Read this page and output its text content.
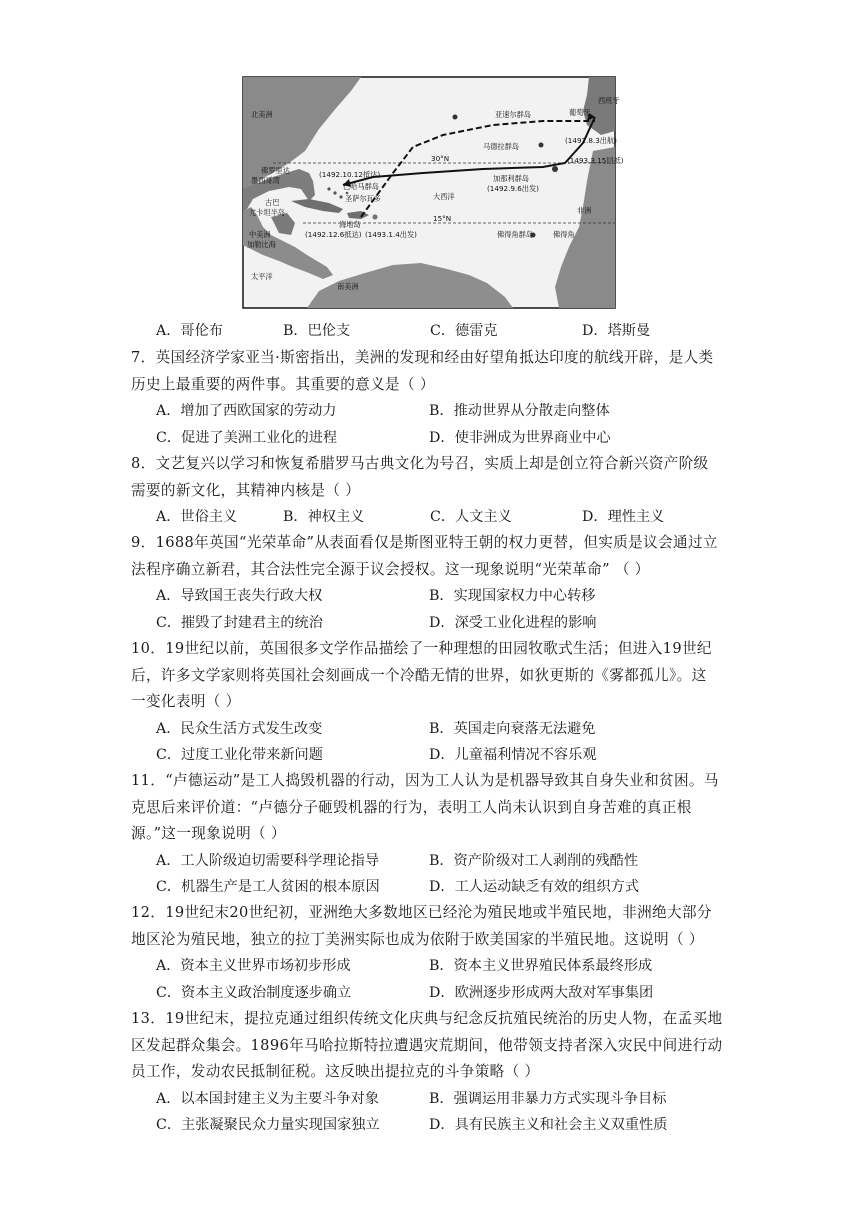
北美洲	亚速尔群岛
西班牙
葡萄牙
马德拉群岛
30°N
佛罗里达
墨西哥湾
(1492.10.12抵达)
巴哈马群岛
圣萨尔瓦多
加那利群岛
(1492.9.6出发)
大西洋
(1492.8.3出航)
(1493.3.15回抵)
古巴
尤卡坦半岛
海地岛
15°N
非洲
中美洲
加勒比海
(1492.12.6抵达) (1493.1.4出发)	佛得角群岛	佛得角
太平洋
南美洲
A．哥伦布	B．巴伦支	C．德雷克	D．塔斯曼

7．英国经济学家亚当·斯密指出，美洲的发现和经由好望角抵达印度的航线开辟，是人类

历史上最重要的两件事。其重要的意义是（ ）

A．增加了西欧国家的劳动力	B．推动世界从分散走向整体
C．促进了美洲工业化的进程	D．使非洲成为世界商业中心

8．文艺复兴以学习和恢复希腊罗马古典文化为号召，实质上却是创立符合新兴资产阶级

需要的新文化，其精神内核是（ ）

A．世俗主义	B．神权主义	C．人文主义	D．理性主义

9．1688年英国“光荣革命”从表面看仅是斯图亚特王朝的权力更替，但实质是议会通过立

法程序确立新君，其合法性完全源于议会授权。这一现象说明“光荣革命” （ ）

A．导致国王丧失行政大权	B．实现国家权力中心转移
C．摧毁了封建君主的统治	D．深受工业化进程的影响

10．19世纪以前，英国很多文学作品描绘了一种理想的田园牧歌式生活；但进入19世纪

后，许多文学家则将英国社会刻画成一个冷酷无情的世界，如狄更斯的《雾都孤儿》。这

一变化表明（ ）

A．民众生活方式发生改变	B．英国走向衰落无法避免
C．过度工业化带来新问题	D．儿童福利情况不容乐观

11．“卢德运动”是工人捣毁机器的行动，因为工人认为是机器导致其自身失业和贫困。马

克思后来评价道：“卢德分子砸毁机器的行为，表明工人尚未认识到自身苦难的真正根

源。”这一现象说明（ ）

A．工人阶级迫切需要科学理论指导	B．资产阶级对工人剥削的残酷性
C．机器生产是工人贫困的根本原因	D．工人运动缺乏有效的组织方式

12．19世纪末20世纪初，亚洲绝大多数地区已经沦为殖民地或半殖民地，非洲绝大部分

地区沦为殖民地，独立的拉丁美洲实际也成为依附于欧美国家的半殖民地。这说明（ ）

A．资本主义世界市场初步形成	B．资本主义世界殖民体系最终形成
C．资本主义政治制度逐步确立	D．欧洲逐步形成两大敌对军事集团

13．19世纪末，提拉克通过组织传统文化庆典与纪念反抗殖民统治的历史人物，在孟买地

区发起群众集会。1896年马哈拉斯特拉遭遇灾荒期间，他带领支持者深入灾民中间进行动

员工作，发动农民抵制征税。这反映出提拉克的斗争策略（ ）

A．以本国封建主义为主要斗争对象	B．强调运用非暴力方式实现斗争目标
C．主张凝聚民众力量实现国家独立	D．具有民族主义和社会主义双重性质
